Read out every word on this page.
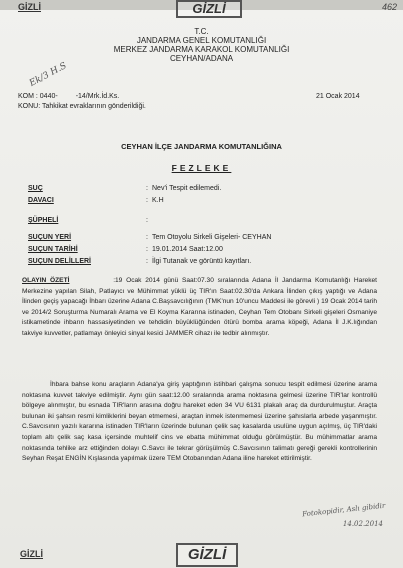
GİZLİ	GİZLİ	462
T.C.
JANDARMA GENEL KOMUTANLIĞI
MERKEZ JANDARMA KARAKOL KOMUTANLIĞI
CEYHAN/ADANA
Ek/3 H.S
KOM : 0440-	-14/Mrk.İd.Ks.	21 Ocak 2014
KONU: Tahkikat evraklarının gönderildiği.
CEYHAN İLÇE JANDARMA KOMUTANLIĞINA
FEZLEKE
SUÇ	: Nev'i Tespit edilemedi.
DAVACI	: K.H
ŞÜPHELİ	:
SUÇUN YERİ	: Tem Otoyolu Sirkeli Gişeleri- CEYHAN
SUÇUN TARİHİ	: 19.01.2014 Saat:12.00
SUÇUN DELİLLERİ	: İlgi Tutanak ve görüntü kayıtları.
OLAYIN ÖZETİ	:19 Ocak 2014 günü Saat:07.30 sıralarında Adana İl Jandarma Komutanlığı Hareket Merkezine yapılan Silah, Patlayıcı ve Mühimmat yüklü üç TIR'ın Saat:02.30'da Ankara İlinden çıkış yaptığı ve Adana İlinden geçiş yapacağı İhbarı üzerine Adana C.Başsavcılığının (TMK'nun 10'uncu Maddesi ile görevli ) 19 Ocak 2014 tarih ve 2014/2 Soruşturma Numaralı Arama ve El Koyma Kararına istinaden, Ceyhan Tem Otobanı Sirkeli gişeleri Osmaniye istikametinde ihbarın hassasiyetinden ve tehdidin büyüklüğünden ötürü bomba arama köpeği, Adana İl J.K.lığından takviye kuvvetler, patlamayı önleyici sinyal kesici JAMMER cihazı ile tedbir alınmıştır.
İhbara bahse konu araçların Adana'ya giriş yaptığının istihbari çalışma sonucu tespit edilmesi üzerine arama noktasına kuvvet takviye edilmiştir. Aynı gün saat:12.00 sıralarında arama noktasına gelmesi üzerine TIR'lar kontrollü bölgeye alınmıştır, bu esnada TIR'ların arasına doğru hareket eden 34 VU 6131 plakalı araç da durdurulmuştur. Araçta bulunan iki şahsın resmi kimliklerini beyan etmemesi, araçtan inmek istenmemesi üzerine şahıslarla arbede yaşanmıştır. C.Savcısının yazılı kararına istinaden TIR'ların üzerinde bulunan çelik saç kasalarda usulüne uygun açılmış, üç TIR'daki toplam altı çelik saç kasa içersinde muhtelif cins ve ebatta mühimmat olduğu görülmüştür. Bu mühimmatlar arama noktasında tehlike arz ettiğinden dolayı C.Savcı ile tekrar görüşülmüş C.Savcısının talimatı gereği gerekli kontrollerinin Seyhan Reşat ENGİN Kışlasında yapılmak üzere TEM Otobanından Adana iline hareket ettirilmiştir.
Fotokopidir, Aslı gibidir
14.02.2014
GİZLİ	GİZLİ
